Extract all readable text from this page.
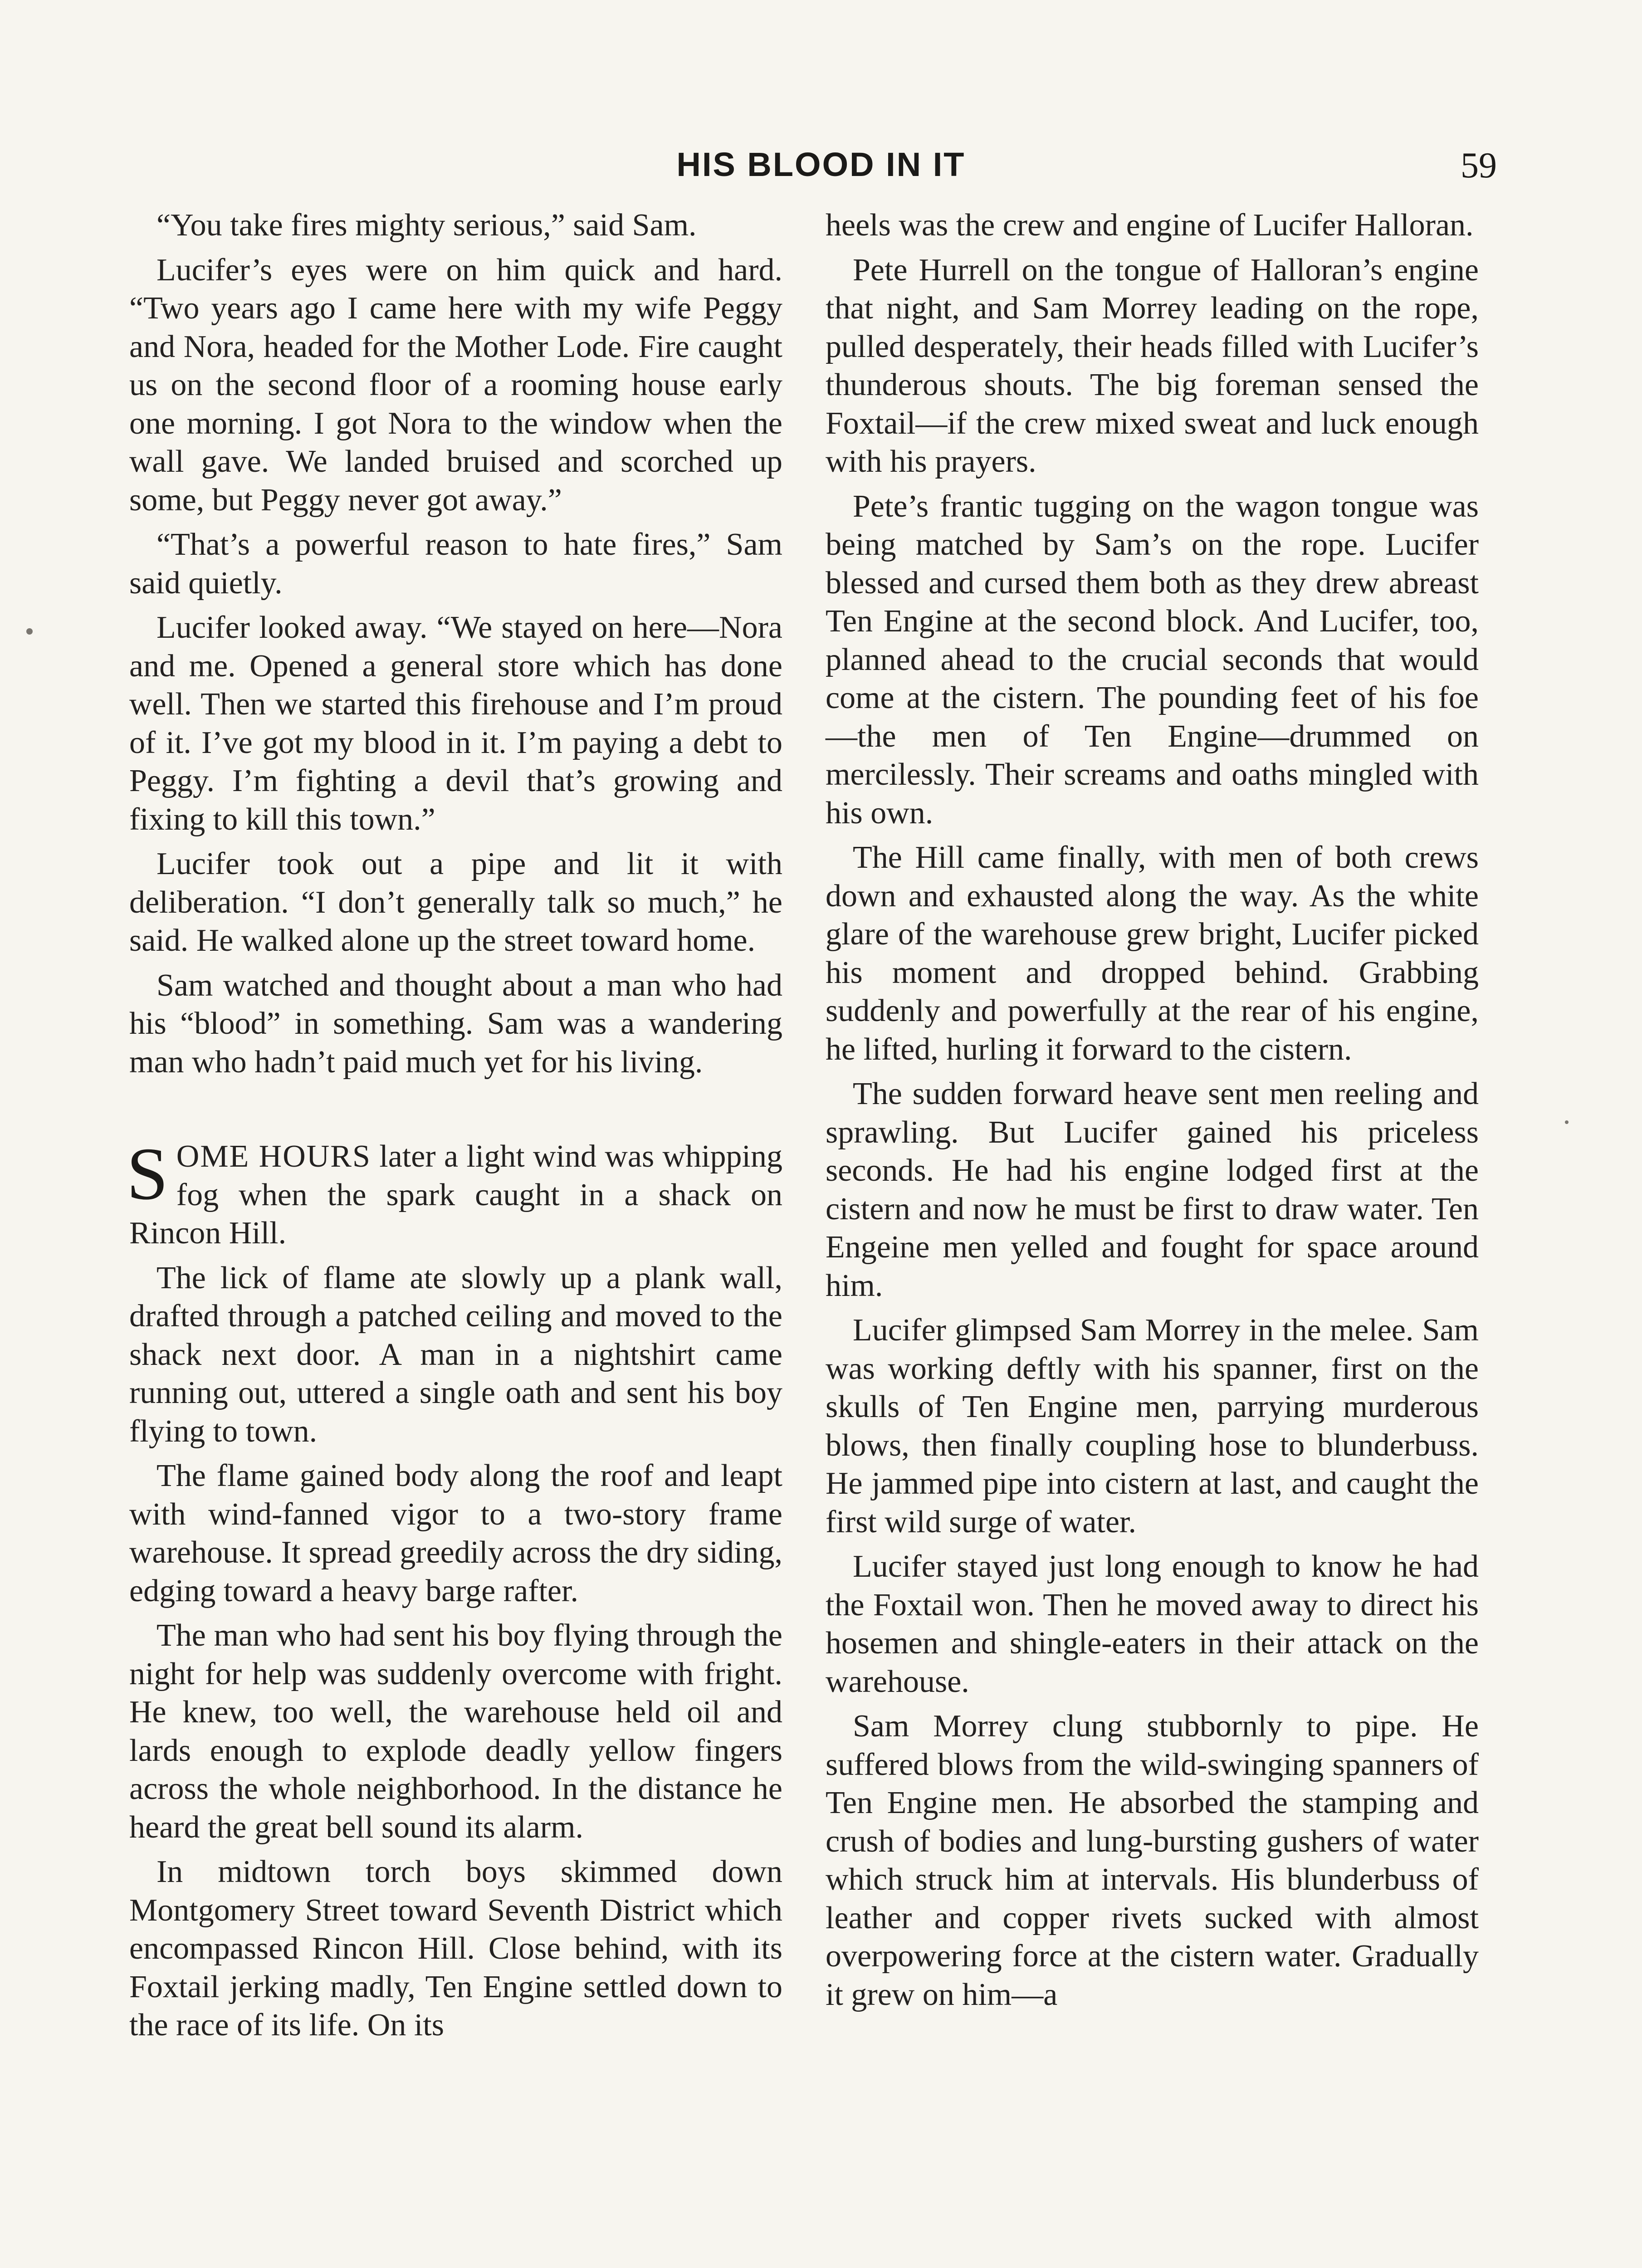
HIS BLOOD IN IT	59

“You take fires mighty serious,” said Sam.

Lucifer’s eyes were on him quick and hard. “Two years ago I came here with my wife Peggy and Nora, headed for the Mother Lode. Fire caught us on the second floor of a rooming house early one morning. I got Nora to the window when the wall gave. We landed bruised and scorched up some, but Peggy never got away.”

“That’s a powerful reason to hate fires,” Sam said quietly.

Lucifer looked away. “We stayed on here—Nora and me. Opened a general store which has done well. Then we started this firehouse and I’m proud of it. I’ve got my blood in it. I’m paying a debt to Peggy. I’m fighting a devil that’s growing and fixing to kill this town.”

Lucifer took out a pipe and lit it with deliberation. “I don’t generally talk so much,” he said. He walked alone up the street toward home.

Sam watched and thought about a man who had his “blood” in something. Sam was a wandering man who hadn’t paid much yet for his living.

SOME HOURS later a light wind was whipping fog when the spark caught in a shack on Rincon Hill.

The lick of flame ate slowly up a plank wall, drafted through a patched ceiling and moved to the shack next door. A man in a nightshirt came running out, uttered a single oath and sent his boy flying to town.

The flame gained body along the roof and leapt with wind-fanned vigor to a two-story frame warehouse. It spread greedily across the dry siding, edging toward a heavy barge rafter.

The man who had sent his boy flying through the night for help was suddenly overcome with fright. He knew, too well, the warehouse held oil and lards enough to explode deadly yellow fingers across the whole neighborhood. In the distance he heard the great bell sound its alarm.

In midtown torch boys skimmed down Montgomery Street toward Seventh District which encompassed Rincon Hill. Close behind, with its Foxtail jerking madly, Ten Engine settled down to the race of its life. On its

heels was the crew and engine of Lucifer Halloran.

Pete Hurrell on the tongue of Halloran’s engine that night, and Sam Morrey leading on the rope, pulled desperately, their heads filled with Lucifer’s thunderous shouts. The big foreman sensed the Foxtail—if the crew mixed sweat and luck enough with his prayers.

Pete’s frantic tugging on the wagon tongue was being matched by Sam’s on the rope. Lucifer blessed and cursed them both as they drew abreast Ten Engine at the second block. And Lucifer, too, planned ahead to the crucial seconds that would come at the cistern. The pounding feet of his foe —the men of Ten Engine—drummed on mercilessly. Their screams and oaths mingled with his own.

The Hill came finally, with men of both crews down and exhausted along the way. As the white glare of the warehouse grew bright, Lucifer picked his moment and dropped behind. Grabbing suddenly and powerfully at the rear of his engine, he lifted, hurling it forward to the cistern.

The sudden forward heave sent men reeling and sprawling. But Lucifer gained his priceless seconds. He had his engine lodged first at the cistern and now he must be first to draw water. Ten Engeine men yelled and fought for space around him.

Lucifer glimpsed Sam Morrey in the melee. Sam was working deftly with his spanner, first on the skulls of Ten Engine men, parrying murderous blows, then finally coupling hose to blunderbuss. He jammed pipe into cistern at last, and caught the first wild surge of water.

Lucifer stayed just long enough to know he had the Foxtail won. Then he moved away to direct his hosemen and shingle-eaters in their attack on the warehouse.

Sam Morrey clung stubbornly to pipe. He suffered blows from the wild-swinging spanners of Ten Engine men. He absorbed the stamping and crush of bodies and lung-bursting gushers of water which struck him at intervals. His blunderbuss of leather and copper rivets sucked with almost overpowering force at the cistern water. Gradually it grew on him—a
